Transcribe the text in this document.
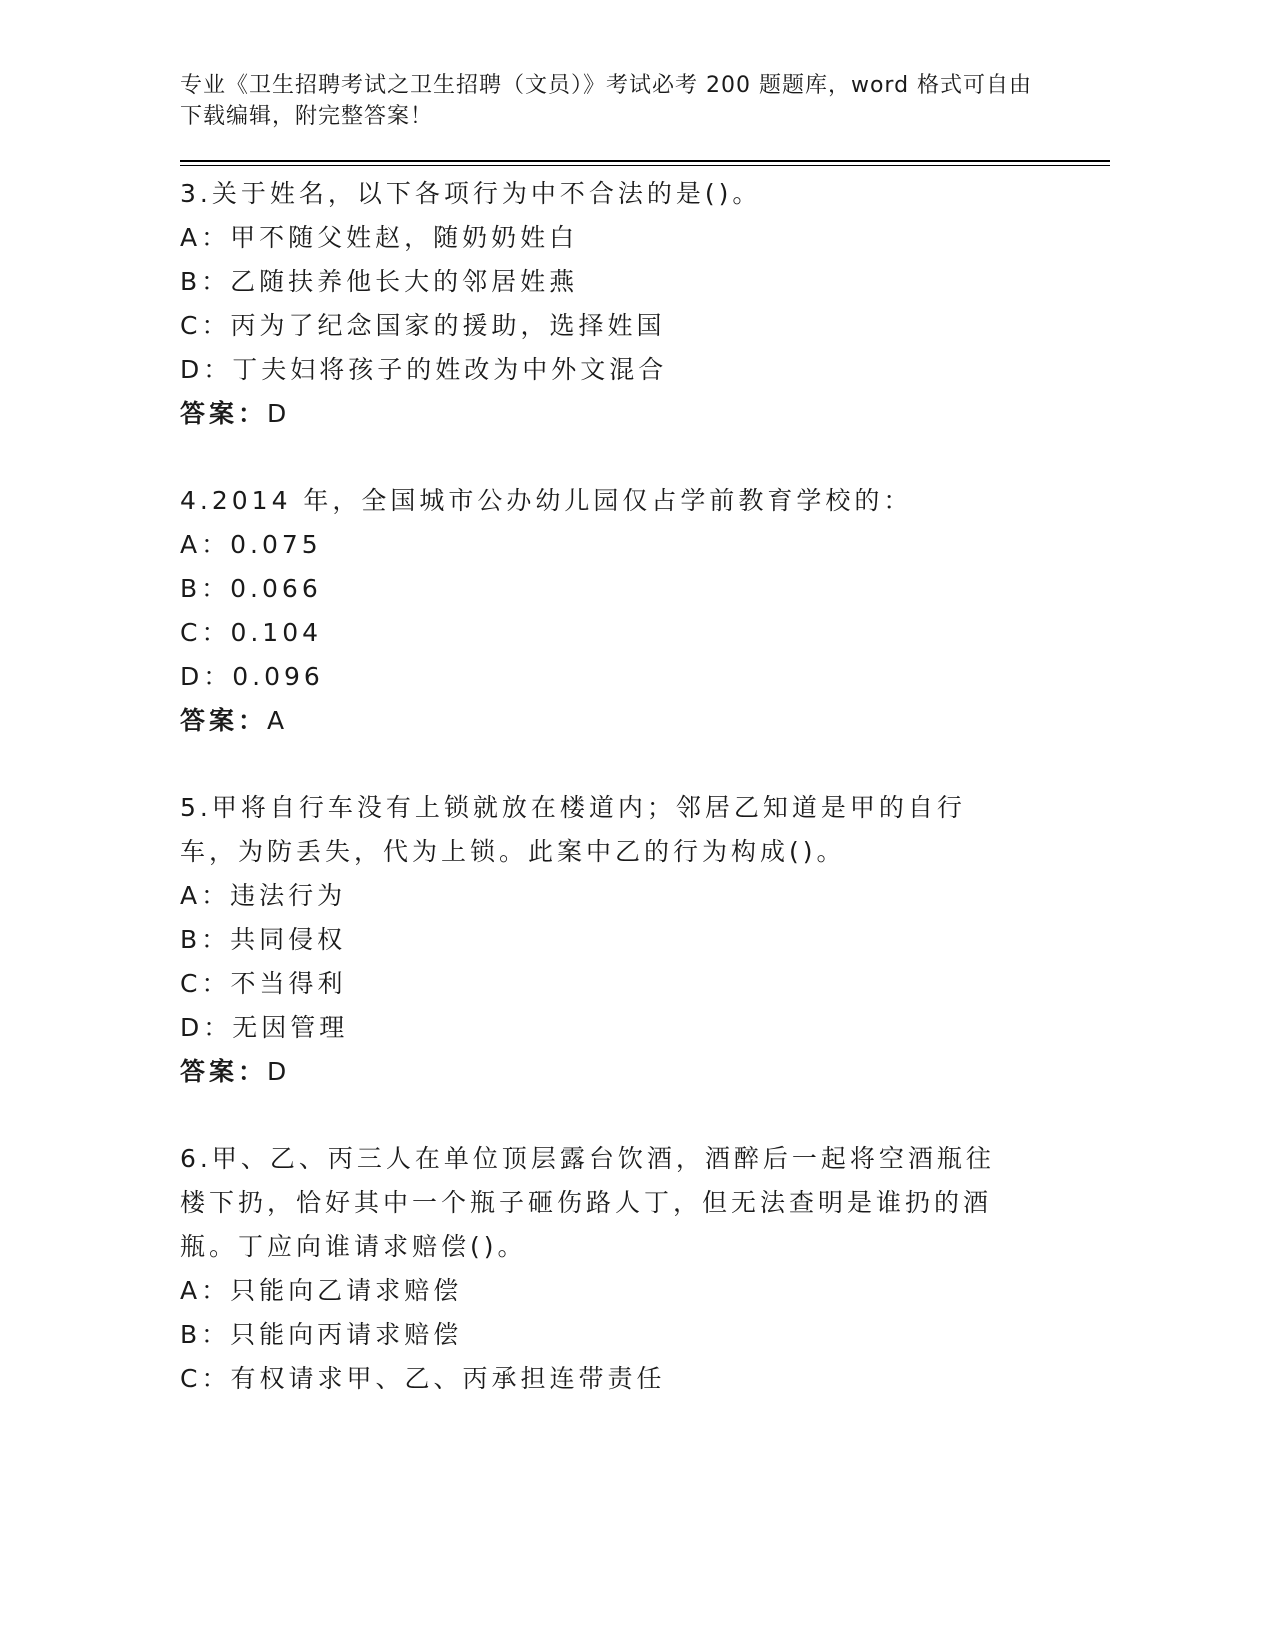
专业《卫生招聘考试之卫生招聘（文员）》考试必考 200 题题库，word 格式可自由下载编辑，附完整答案！

3.关于姓名，以下各项行为中不合法的是()。
A：甲不随父姓赵，随奶奶姓白
B：乙随扶养他长大的邻居姓燕
C：丙为了纪念国家的援助，选择姓国
D：丁夫妇将孩子的姓改为中外文混合
答案：D
4.2014 年，全国城市公办幼儿园仅占学前教育学校的：
A：0.075
B：0.066
C：0.104
D：0.096
答案：A
5.甲将自行车没有上锁就放在楼道内；邻居乙知道是甲的自行车，为防丢失，代为上锁。此案中乙的行为构成()。
A：违法行为
B：共同侵权
C：不当得利
D：无因管理
答案：D
6.甲、乙、丙三人在单位顶层露台饮酒，酒醉后一起将空酒瓶往楼下扔，恰好其中一个瓶子砸伤路人丁，但无法查明是谁扔的酒瓶。丁应向谁请求赔偿()。
A：只能向乙请求赔偿
B：只能向丙请求赔偿
C：有权请求甲、乙、丙承担连带责任
